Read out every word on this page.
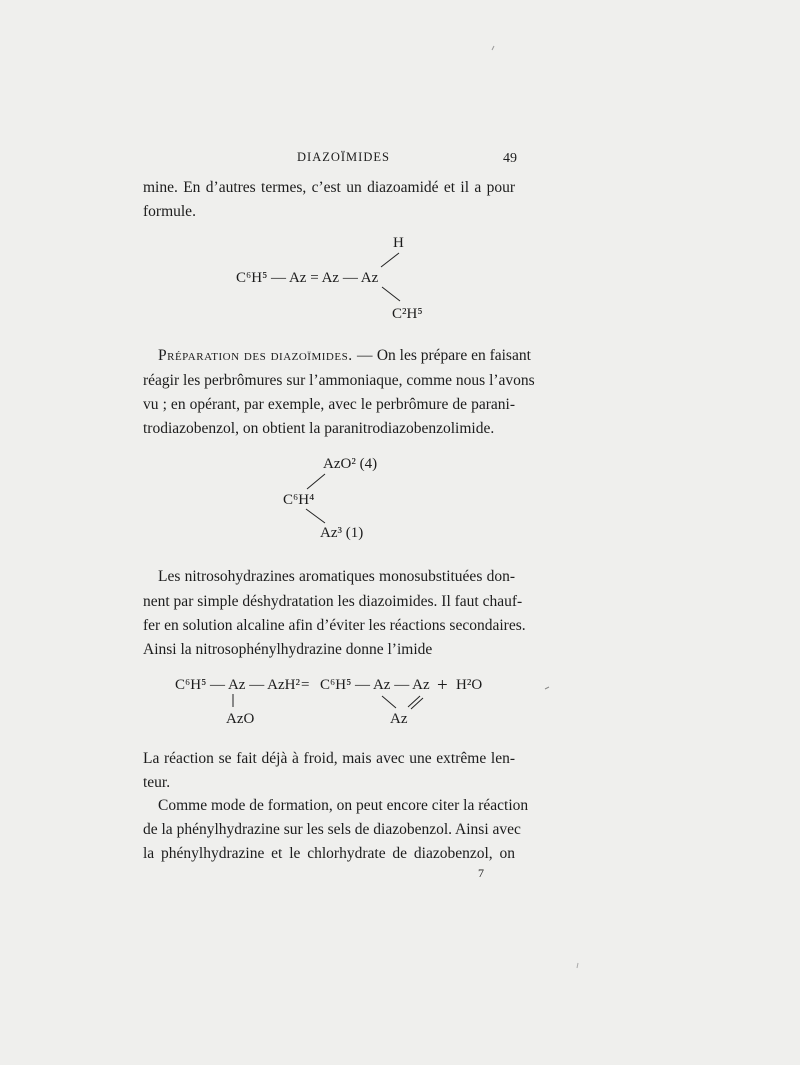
DIAZOÏMIDES	49
mine. En d’autres termes, c’est un diazoamidé et il a pour
formule.
H
C⁶H⁵ — Az = Az — Az
C²H⁵
Préparation des diazoïmides. — On les prépare en faisant
réagir les perbrômures sur l’ammoniaque, comme nous l’avons
vu ; en opérant, par exemple, avec le perbrômure de parani-
trodiazobenzol, on obtient la paranitrodiazobenzolimide.
AzO² (4)
C⁶H⁴
Az³ (1)
Les nitrosohydrazines aromatiques monosubstituées don-
nent par simple déshydratation les diazoimides. Il faut chauf-
fer en solution alcaline afin d’éviter les réactions secondaires.
Ainsi la nitrosophénylhydrazine donne l’imide
C⁶H⁵ — Az — AzH² = C⁶H⁵ — Az — Az + H²O
AzO	Az
La réaction se fait déjà à froid, mais avec une extrême len-
teur.
Comme mode de formation, on peut encore citer la réaction
de la phénylhydrazine sur les sels de diazobenzol. Ainsi avec
la phénylhydrazine et le chlorhydrate de diazobenzol, on
7
